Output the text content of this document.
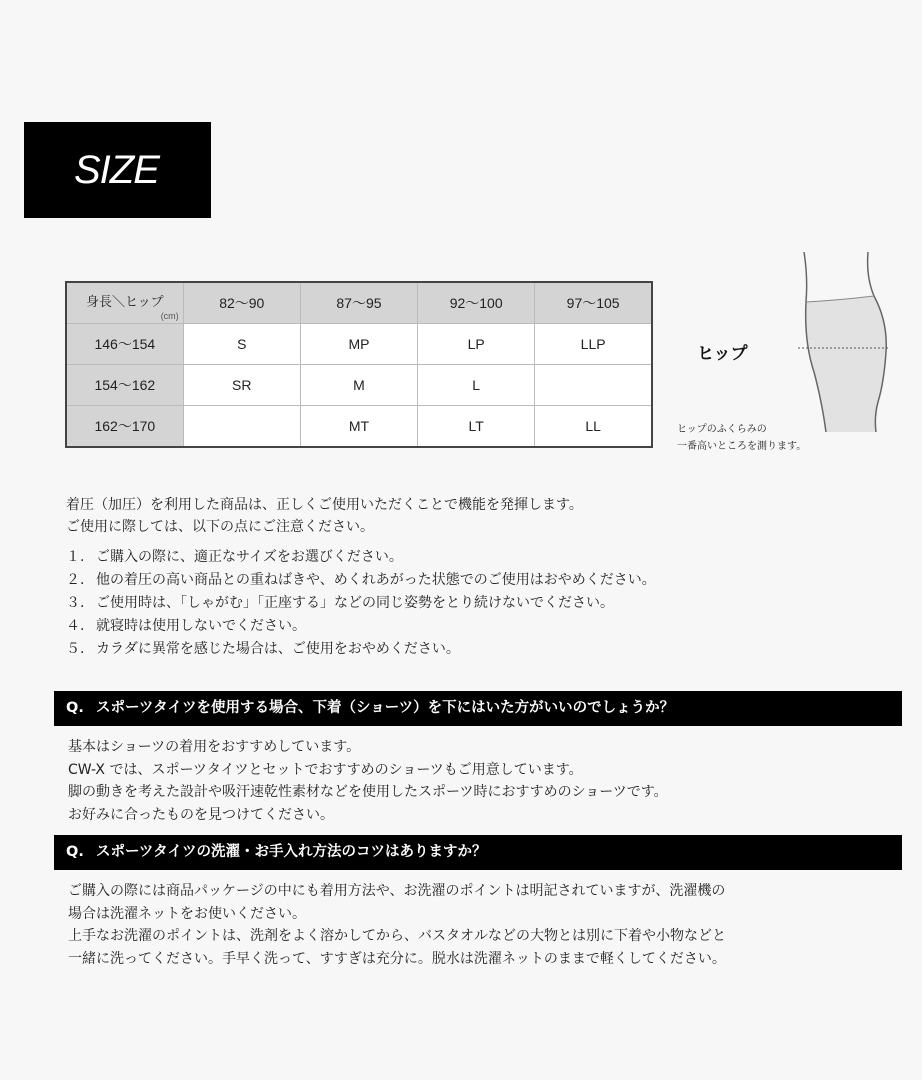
SIZE
身長＼ヒップ
(cm)	82〜90	87〜95	92〜100	97〜105
146〜154	S	MP	LP	LLP
154〜162	SR	M	L	
162〜170		MT	LT	LL
ヒップ
ヒップのふくらみの
一番高いところを測ります。
着圧（加圧）を利用した商品は、正しくご使用いただくことで機能を発揮します。
ご使用に際しては、以下の点にご注意ください。
１. ご購入の際に、適正なサイズをお選びください。
２. 他の着圧の高い商品との重ねばきや、めくれあがった状態でのご使用はおやめください。
３. ご使用時は、「しゃがむ」「正座する」などの同じ姿勢をとり続けないでください。
４. 就寝時は使用しないでください。
５. カラダに異常を感じた場合は、ご使用をおやめください。
Q. スポーツタイツを使用する場合、下着（ショーツ）を下にはいた方がいいのでしょうか？
基本はショーツの着用をおすすめしています。
CW-X では、スポーツタイツとセットでおすすめのショーツもご用意しています。
脚の動きを考えた設計や吸汗速乾性素材などを使用したスポーツ時におすすめのショーツです。
お好みに合ったものを見つけてください。
Q. スポーツタイツの洗濯・お手入れ方法のコツはありますか？
ご購入の際には商品パッケージの中にも着用方法や、お洗濯のポイントは明記されていますが、洗濯機の
場合は洗濯ネットをお使いください。
上手なお洗濯のポイントは、洗剤をよく溶かしてから、バスタオルなどの大物とは別に下着や小物などと
一緒に洗ってください。手早く洗って、すすぎは充分に。脱水は洗濯ネットのままで軽くしてください。
